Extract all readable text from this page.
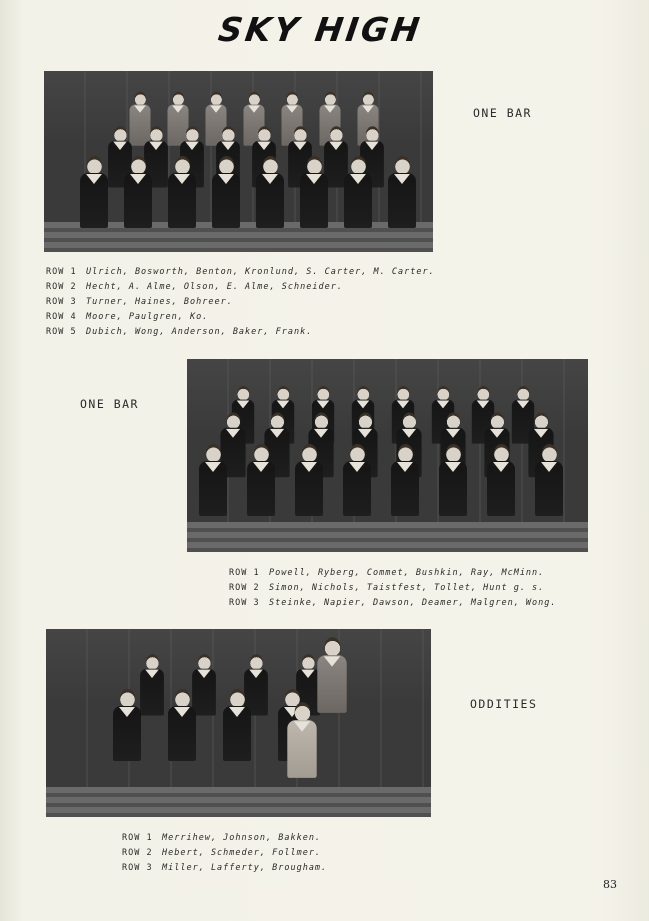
SKY HIGH
ONE BAR
ROW 1 Ulrich, Bosworth, Benton, Kronlund, S. Carter, M. Carter.
ROW 2 Hecht, A. Alme, Olson, E. Alme, Schneider.
ROW 3 Turner, Haines, Bohreer.
ROW 4 Moore, Paulgren, Ko.
ROW 5 Dubich, Wong, Anderson, Baker, Frank.
ONE BAR
ROW 1 Powell, Ryberg, Commet, Bushkin, Ray, McMinn.
ROW 2 Simon, Nichols, Taistfest, Tollet, Hunt g. s.
ROW 3 Steinke, Napier, Dawson, Deamer, Malgren, Wong.
ODDITIES
ROW 1 Merrihew, Johnson, Bakken.
ROW 2 Hebert, Schmeder, Follmer.
ROW 3 Miller, Lafferty, Brougham.
83
